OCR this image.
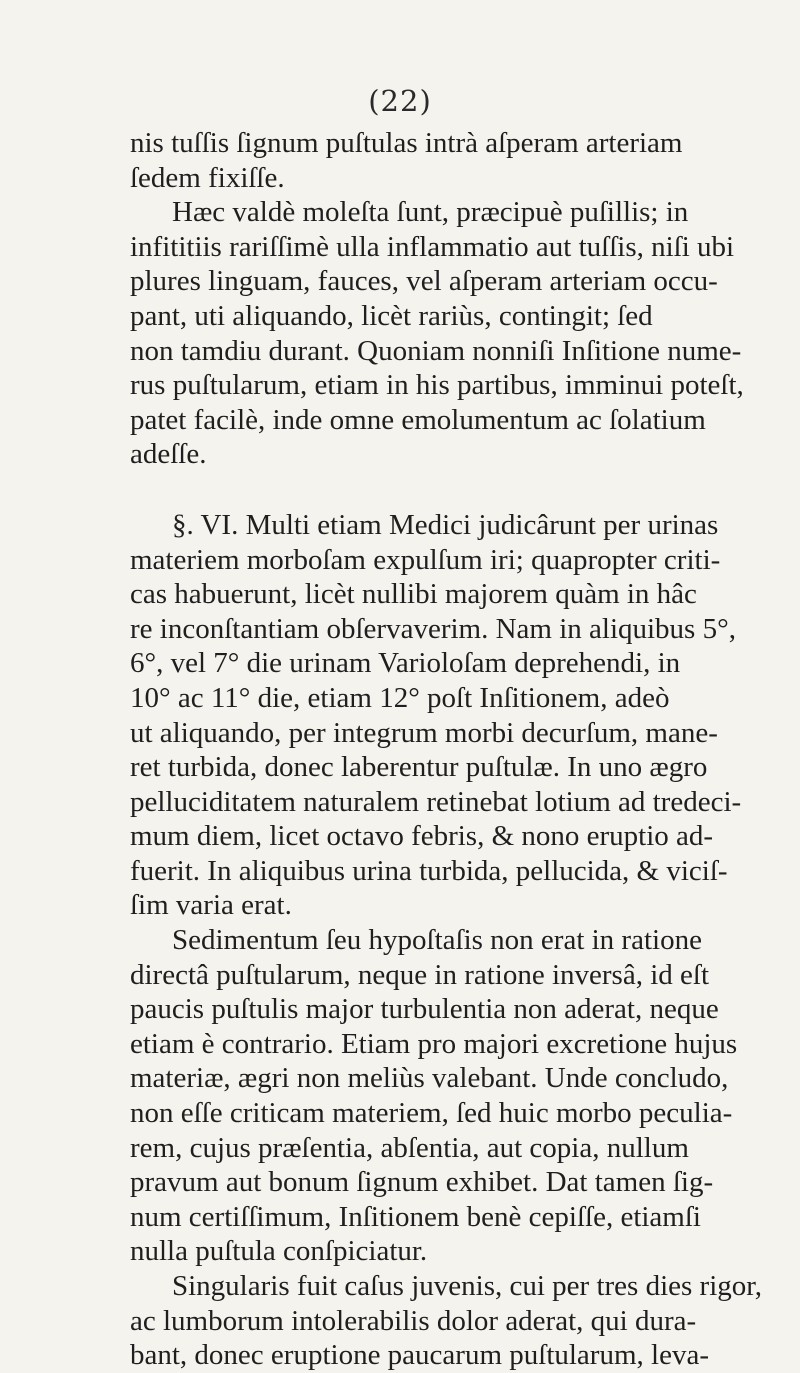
(22)
nis tuſſis ſignum puſtulas intrà aſperam arteriam
ſedem fixiſſe.
Hæc valdè moleſta ſunt, præcipuè puſillis; in
infititiis rariſſimè ulla inflammatio aut tuſſis, niſi ubi
plures linguam, fauces, vel aſperam arteriam occu-
pant, uti aliquando, licèt rariùs, contingit; ſed
non tamdiu durant. Quoniam nonniſi Inſitione nume-
rus puſtularum, etiam in his partibus, imminui poteſt,
patet facilè, inde omne emolumentum ac ſolatium
adeſſe.
§. VI. Multi etiam Medici judicârunt per urinas
materiem morboſam expulſum iri; quapropter criti-
cas habuerunt, licèt nullibi majorem quàm in hâc
re inconſtantiam obſervaverim. Nam in aliquibus 5°,
6°, vel 7° die urinam Varioloſam deprehendi, in
10° ac 11° die, etiam 12° poſt Inſitionem, adeò
ut aliquando, per integrum morbi decurſum, mane-
ret turbida, donec laberentur puſtulæ. In uno ægro
pelluciditatem naturalem retinebat lotium ad tredeci-
mum diem, licet octavo febris, & nono eruptio ad-
fuerit. In aliquibus urina turbida, pellucida, & viciſ-
ſim varia erat.
Sedimentum ſeu hypoſtaſis non erat in ratione
directâ puſtularum, neque in ratione inversâ, id eſt
paucis puſtulis major turbulentia non aderat, neque
etiam è contrario. Etiam pro majori excretione hujus
materiæ, ægri non meliùs valebant. Unde concludo,
non eſſe criticam materiem, ſed huic morbo peculia-
rem, cujus præſentia, abſentia, aut copia, nullum
pravum aut bonum ſignum exhibet. Dat tamen ſig-
num certiſſimum, Inſitionem benè cepiſſe, etiamſi
nulla puſtula conſpiciatur.
Singularis fuit caſus juvenis, cui per tres dies rigor,
ac lumborum intolerabilis dolor aderat, qui dura-
bant, donec eruptione paucarum puſtularum, leva-
